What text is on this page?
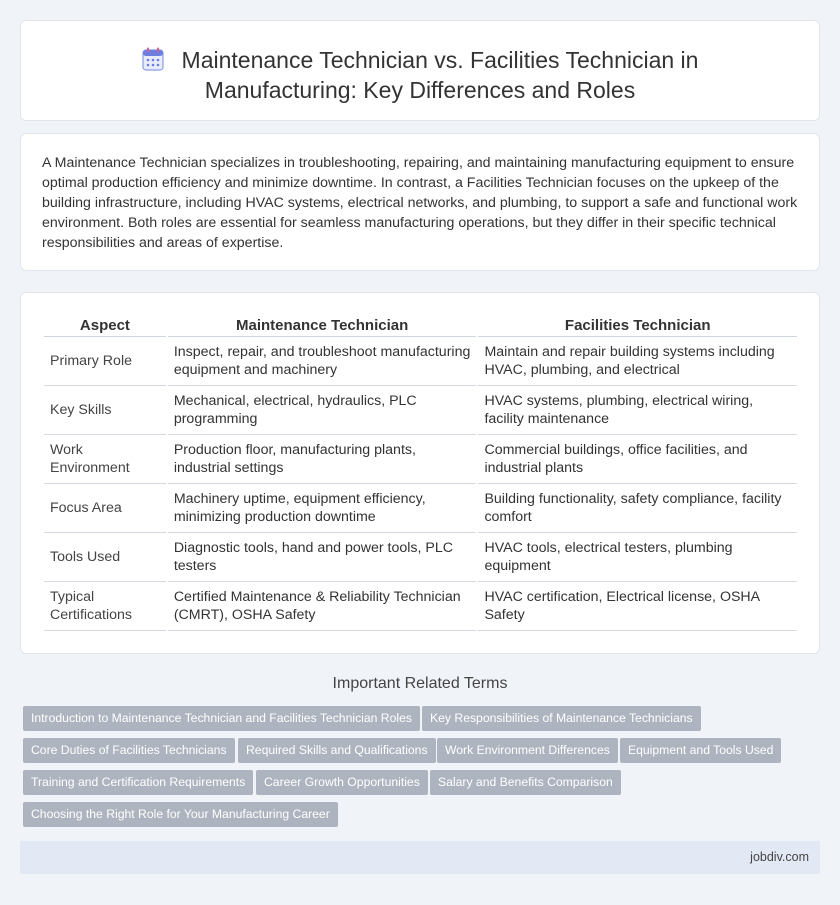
Maintenance Technician vs. Facilities Technician in Manufacturing: Key Differences and Roles

A Maintenance Technician specializes in troubleshooting, repairing, and maintaining manufacturing equipment to ensure optimal production efficiency and minimize downtime. In contrast, a Facilities Technician focuses on the upkeep of the building infrastructure, including HVAC systems, electrical networks, and plumbing, to support a safe and functional work environment. Both roles are essential for seamless manufacturing operations, but they differ in their specific technical responsibilities and areas of expertise.

Aspect	Maintenance Technician	Facilities Technician
Primary Role	Inspect, repair, and troubleshoot manufacturing equipment and machinery	Maintain and repair building systems including HVAC, plumbing, and electrical
Key Skills	Mechanical, electrical, hydraulics, PLC programming	HVAC systems, plumbing, electrical wiring, facility maintenance
Work Environment	Production floor, manufacturing plants, industrial settings	Commercial buildings, office facilities, and industrial plants
Focus Area	Machinery uptime, equipment efficiency, minimizing production downtime	Building functionality, safety compliance, facility comfort
Tools Used	Diagnostic tools, hand and power tools, PLC testers	HVAC tools, electrical testers, plumbing equipment
Typical Certifications	Certified Maintenance & Reliability Technician (CMRT), OSHA Safety	HVAC certification, Electrical license, OSHA Safety
Important Related Terms
Introduction to Maintenance Technician and Facilities Technician Roles	Key Responsibilities of Maintenance Technicians
Core Duties of Facilities Technicians	Required Skills and Qualifications	Work Environment Differences	Equipment and Tools Used
Training and Certification Requirements	Career Growth Opportunities	Salary and Benefits Comparison
Choosing the Right Role for Your Manufacturing Career
jobdiv.com
